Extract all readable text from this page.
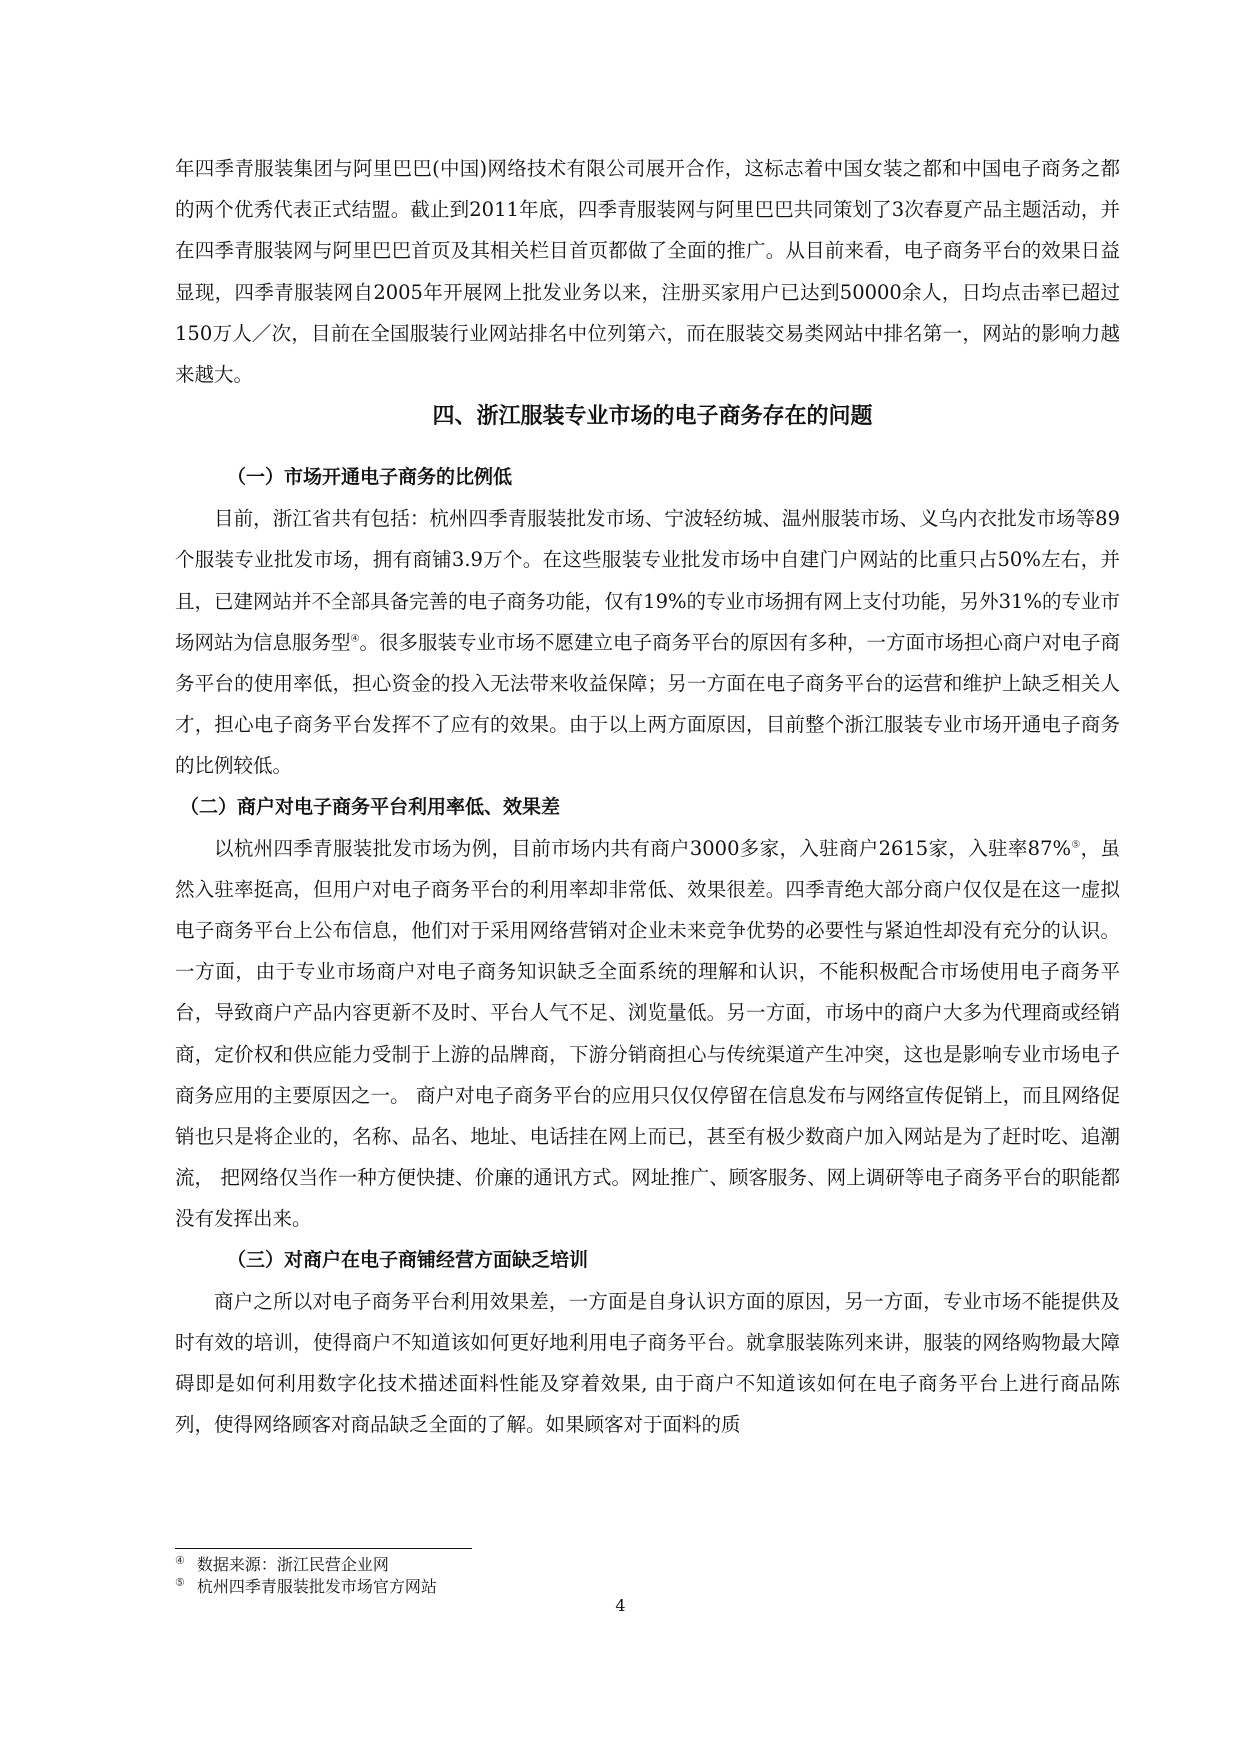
年四季青服装集团与阿里巴巴(中国)网络技术有限公司展开合作，这标志着中国女装之都和中国电子商务之都的两个优秀代表正式结盟。截止到2011年底，四季青服装网与阿里巴巴共同策划了3次春夏产品主题活动，并在四季青服装网与阿里巴巴首页及其相关栏目首页都做了全面的推广。从目前来看，电子商务平台的效果日益显现，四季青服装网自2005年开展网上批发业务以来，注册买家用户已达到50000余人，日均点击率已超过150万人／次，目前在全国服装行业网站排名中位列第六，而在服装交易类网站中排名第一，网站的影响力越来越大。

四、浙江服装专业市场的电子商务存在的问题
（一）市场开通电子商务的比例低

目前，浙江省共有包括：杭州四季青服装批发市场、宁波轻纺城、温州服装市场、义乌内衣批发市场等89个服装专业批发市场，拥有商铺3.9万个。在这些服装专业批发市场中自建门户网站的比重只占50%左右，并且，已建网站并不全部具备完善的电子商务功能，仅有19%的专业市场拥有网上支付功能，另外31%的专业市场网站为信息服务型④。很多服装专业市场不愿建立电子商务平台的原因有多种，一方面市场担心商户对电子商务平台的使用率低，担心资金的投入无法带来收益保障；另一方面在电子商务平台的运营和维护上缺乏相关人才，担心电子商务平台发挥不了应有的效果。由于以上两方面原因，目前整个浙江服装专业市场开通电子商务的比例较低。

（二）商户对电子商务平台利用率低、效果差

以杭州四季青服装批发市场为例，目前市场内共有商户3000多家，入驻商户2615家，入驻率87%⑤，虽然入驻率挺高，但用户对电子商务平台的利用率却非常低、效果很差。四季青绝大部分商户仅仅是在这一虚拟电子商务平台上公布信息，他们对于采用网络营销对企业未来竞争优势的必要性与紧迫性却没有充分的认识。一方面，由于专业市场商户对电子商务知识缺乏全面系统的理解和认识，不能积极配合市场使用电子商务平台，导致商户产品内容更新不及时、平台人气不足、浏览量低。另一方面，市场中的商户大多为代理商或经销商，定价权和供应能力受制于上游的品牌商，下游分销商担心与传统渠道产生冲突，这也是影响专业市场电子商务应用的主要原因之一。 商户对电子商务平台的应用只仅仅停留在信息发布与网络宣传促销上，而且网络促销也只是将企业的，名称、品名、地址、电话挂在网上而已，甚至有极少数商户加入网站是为了赶时吃、追潮流， 把网络仅当作一种方便快捷、价廉的通讯方式。网址推广、顾客服务、网上调研等电子商务平台的职能都没有发挥出来。

（三）对商户在电子商铺经营方面缺乏培训

商户之所以对电子商务平台利用效果差，一方面是自身认识方面的原因，另一方面，专业市场不能提供及时有效的培训，使得商户不知道该如何更好地利用电子商务平台。就拿服装陈列来讲，服装的网络购物最大障碍即是如何利用数字化技术描述面料性能及穿着效果, 由于商户不知道该如何在电子商务平台上进行商品陈列，使得网络顾客对商品缺乏全面的了解。如果顾客对于面料的质

④ 数据来源：浙江民营企业网

⑤ 杭州四季青服装批发市场官方网站

4
